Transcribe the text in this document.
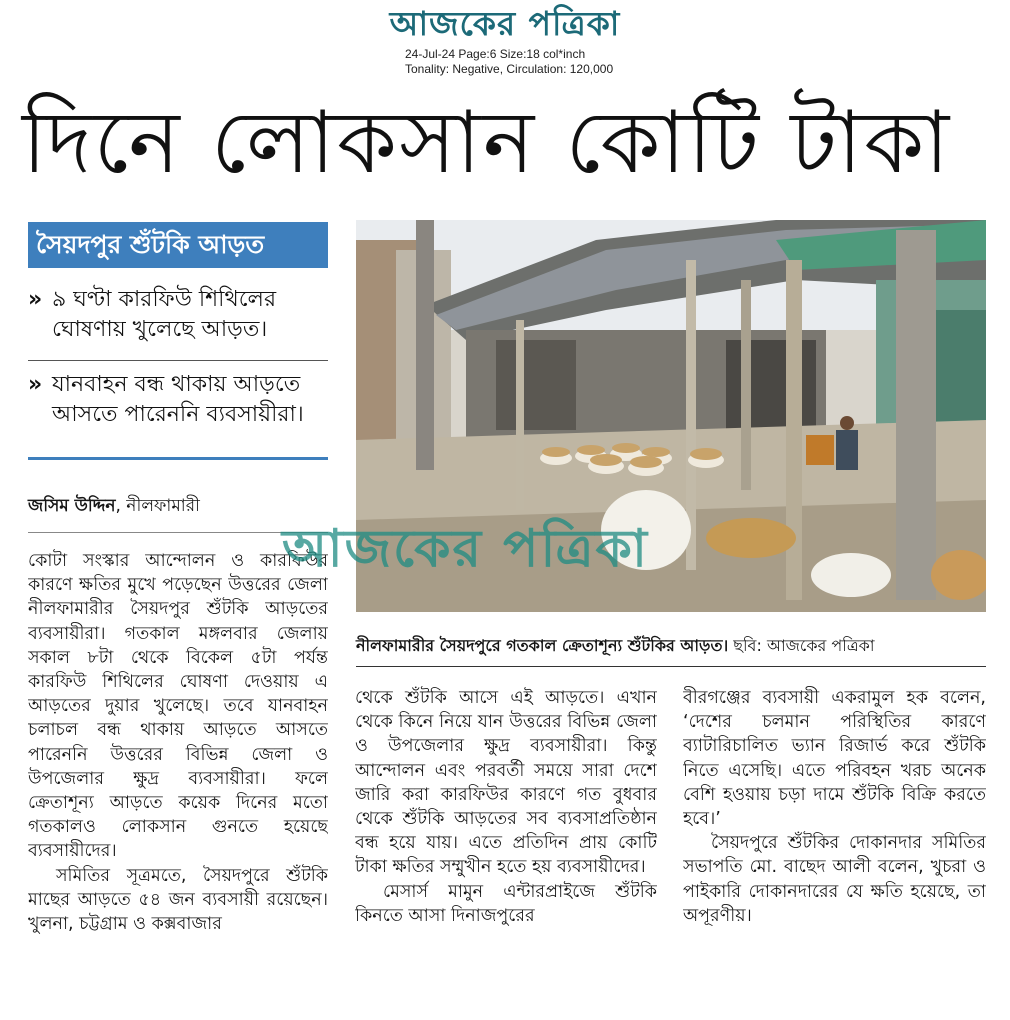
আজকের পত্রিকা
24-Jul-24 Page:6 Size:18 col*inch
Tonality: Negative, Circulation: 120,000
দিনে লোকসান কোটি টাকা
সৈয়দপুর শুঁটকি আড়ত
» ৯ ঘণ্টা কারফিউ শিথিলের
ঘোষণায় খুলেছে আড়ত।
» যানবাহন বন্ধ থাকায় আড়তে
আসতে পারেননি ব্যবসায়ীরা।
জসিম উদ্দিন, নীলফামারী

কোটা সংস্কার আন্দোলন ও কারফিউর কারণে ক্ষতির মুখে পড়েছেন উত্তরের জেলা নীলফামারীর সৈয়দপুর শুঁটকি আড়তের ব্যবসায়ীরা। গতকাল মঙ্গলবার জেলায় সকাল ৮টা থেকে বিকেল ৫টা পর্যন্ত কারফিউ শিথিলের ঘোষণা দেওয়ায় এ আড়তের দুয়ার খুলেছে। তবে যানবাহন চলাচল বন্ধ থাকায় আড়তে আসতে পারেননি উত্তরের বিভিন্ন জেলা ও উপজেলার ক্ষুদ্র ব্যবসায়ীরা। ফলে ক্রেতাশূন্য আড়তে কয়েক দিনের মতো গতকালও লোকসান গুনতে হয়েছে ব্যবসায়ীদের।

সমিতির সূত্রমতে, সৈয়দপুরে শুঁটকি মাছের আড়তে ৫৪ জন ব্যবসায়ী রয়েছেন। খুলনা, চট্টগ্রাম ও কক্সবাজার

আজকের পত্রিকা
নীলফামারীর সৈয়দপুরে গতকাল ক্রেতাশূন্য শুঁটকির আড়ত। ছবি: আজকের পত্রিকা

থেকে শুঁটকি আসে এই আড়তে। এখান থেকে কিনে নিয়ে যান উত্তরের বিভিন্ন জেলা ও উপজেলার ক্ষুদ্র ব্যবসায়ীরা। কিন্তু আন্দোলন এবং পরবর্তী সময়ে সারা দেশে জারি করা কারফিউর কারণে গত বুধবার থেকে শুঁটকি আড়তের সব ব্যবসাপ্রতিষ্ঠান বন্ধ হয়ে যায়। এতে প্রতিদিন প্রায় কোটি টাকা ক্ষতির সম্মুখীন হতে হয় ব্যবসায়ীদের।

মেসার্স মামুন এন্টারপ্রাইজে শুঁটকি কিনতে আসা দিনাজপুরের

বীরগঞ্জের ব্যবসায়ী একরামুল হক বলেন, ‘দেশের চলমান পরিস্থিতির কারণে ব্যাটারিচালিত ভ্যান রিজার্ভ করে শুঁটকি নিতে এসেছি। এতে পরিবহন খরচ অনেক বেশি হওয়ায় চড়া দামে শুঁটকি বিক্রি করতে হবে।’

সৈয়দপুরে শুঁটকির দোকানদার সমিতির সভাপতি মো. বাছেদ আলী বলেন, খুচরা ও পাইকারি দোকানদারের যে ক্ষতি হয়েছে, তা অপূরণীয়।
